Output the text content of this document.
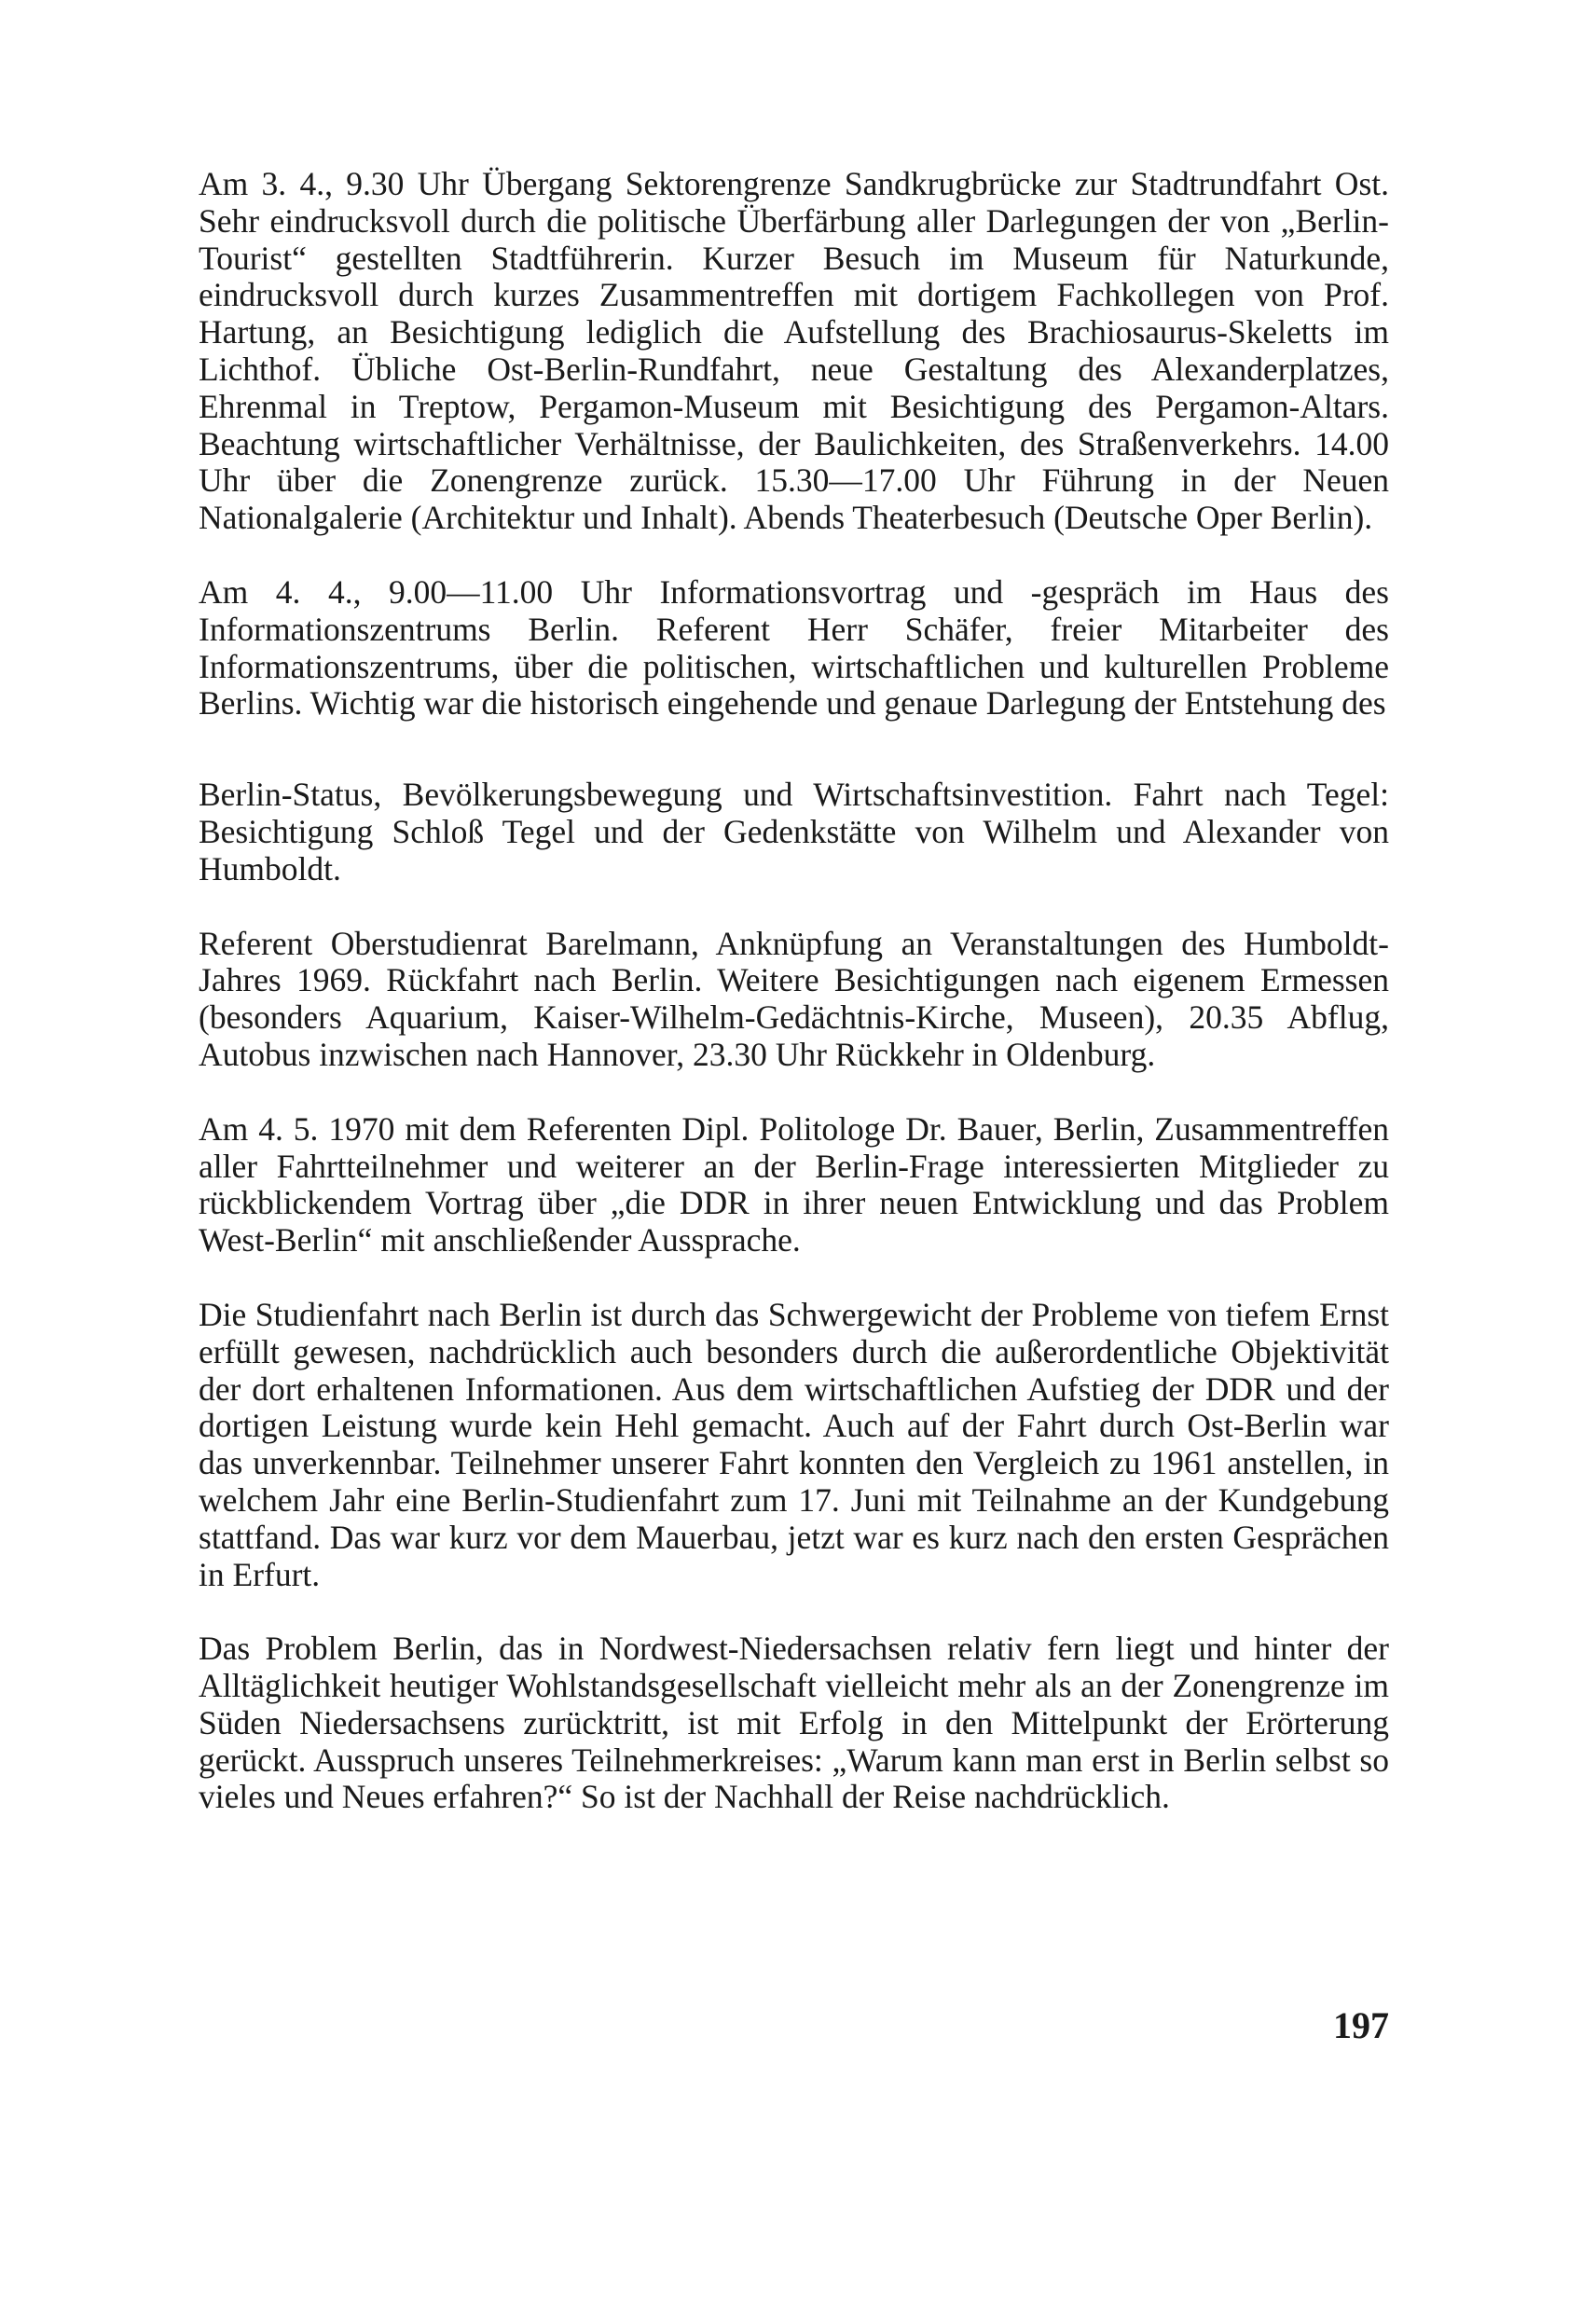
Am 3. 4., 9.30 Uhr Übergang Sektorengrenze Sandkrugbrücke zur Stadtrundfahrt Ost. Sehr eindrucksvoll durch die politische Überfärbung aller Darlegungen der von „Berlin-Tourist“ gestellten Stadtführerin. Kurzer Besuch im Museum für Naturkunde, eindrucksvoll durch kurzes Zusammentreffen mit dortigem Fachkollegen von Prof. Hartung, an Besichtigung lediglich die Aufstellung des Brachiosaurus-Skeletts im Lichthof. Übliche Ost-Berlin-Rundfahrt, neue Gestaltung des Alexanderplatzes, Ehrenmal in Treptow, Pergamon-Museum mit Besichtigung des Pergamon-Altars. Beachtung wirtschaftlicher Verhältnisse, der Baulichkeiten, des Straßenverkehrs. 14.00 Uhr über die Zonengrenze zurück. 15.30—17.00 Uhr Führung in der Neuen Nationalgalerie (Architektur und Inhalt). Abends Theaterbesuch (Deutsche Oper Berlin).

Am 4. 4., 9.00—11.00 Uhr Informationsvortrag und -gespräch im Haus des Informationszentrums Berlin. Referent Herr Schäfer, freier Mitarbeiter des Informationszentrums, über die politischen, wirtschaftlichen und kulturellen Probleme Berlins. Wichtig war die historisch eingehende und genaue Darlegung der Entstehung des

Berlin-Status, Bevölkerungsbewegung und Wirtschaftsinvestition. Fahrt nach Tegel: Besichtigung Schloß Tegel und der Gedenkstätte von Wilhelm und Alexander von Humboldt.

Referent Oberstudienrat Barelmann, Anknüpfung an Veranstaltungen des Humboldt-Jahres 1969. Rückfahrt nach Berlin. Weitere Besichtigungen nach eigenem Ermessen (besonders Aquarium, Kaiser-Wilhelm-Gedächtnis-Kirche, Museen), 20.35 Abflug, Autobus inzwischen nach Hannover, 23.30 Uhr Rückkehr in Oldenburg.

Am 4. 5. 1970 mit dem Referenten Dipl. Politologe Dr. Bauer, Berlin, Zusammentreffen aller Fahrtteilnehmer und weiterer an der Berlin-Frage interessierten Mitglieder zu rückblickendem Vortrag über „die DDR in ihrer neuen Entwicklung und das Problem West-Berlin“ mit anschließender Aussprache.

Die Studienfahrt nach Berlin ist durch das Schwergewicht der Probleme von tiefem Ernst erfüllt gewesen, nachdrücklich auch besonders durch die außerordentliche Objektivität der dort erhaltenen Informationen. Aus dem wirtschaftlichen Aufstieg der DDR und der dortigen Leistung wurde kein Hehl gemacht. Auch auf der Fahrt durch Ost-Berlin war das unverkennbar. Teilnehmer unserer Fahrt konnten den Vergleich zu 1961 anstellen, in welchem Jahr eine Berlin-Studienfahrt zum 17. Juni mit Teilnahme an der Kundgebung stattfand. Das war kurz vor dem Mauerbau, jetzt war es kurz nach den ersten Gesprächen in Erfurt.

Das Problem Berlin, das in Nordwest-Niedersachsen relativ fern liegt und hinter der Alltäglichkeit heutiger Wohlstandsgesellschaft vielleicht mehr als an der Zonengrenze im Süden Niedersachsens zurücktritt, ist mit Erfolg in den Mittelpunkt der Erörterung gerückt. Ausspruch unseres Teilnehmerkreises: „Warum kann man erst in Berlin selbst so vieles und Neues erfahren?“ So ist der Nachhall der Reise nachdrücklich.

197
